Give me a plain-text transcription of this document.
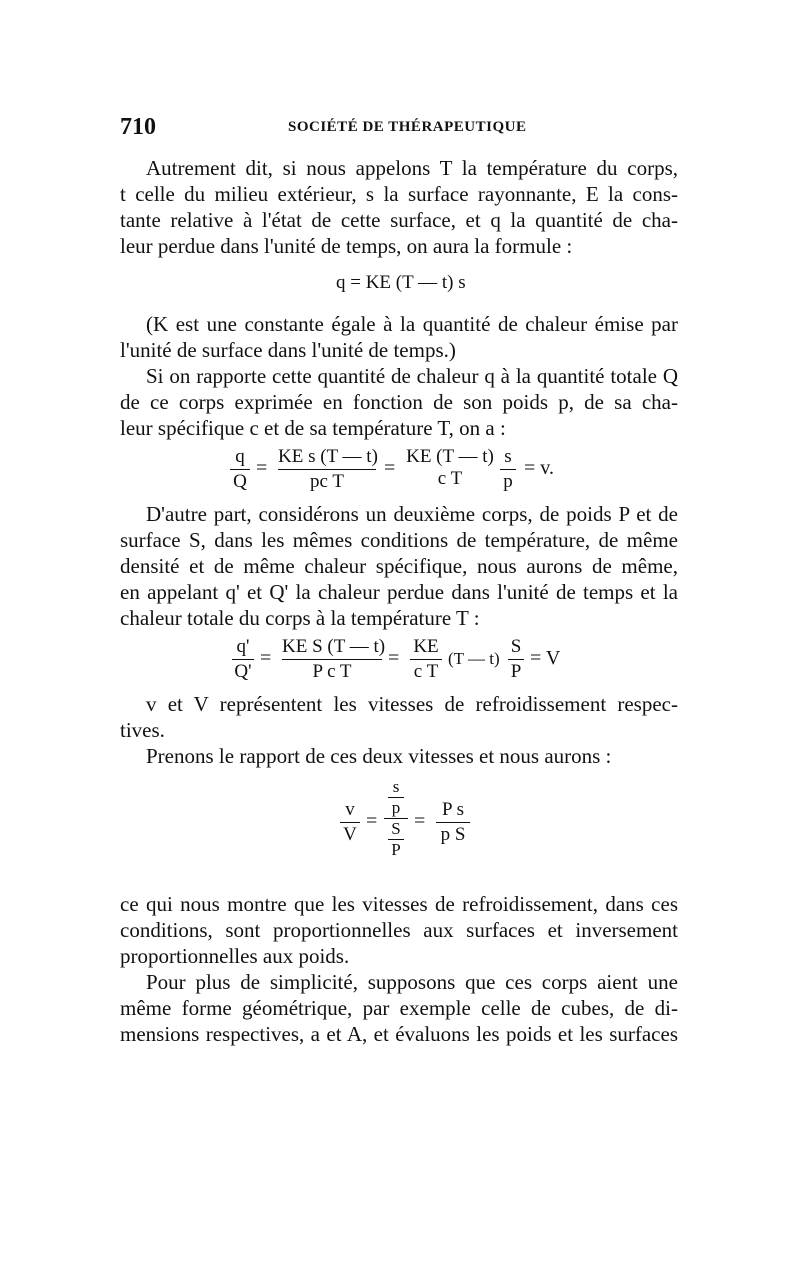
710	SOCIÉTÉ DE THÉRAPEUTIQUE
Autrement dit, si nous appelons T la température du corps,
t celle du milieu extérieur, s la surface rayonnante, E la cons-
tante relative à l'état de cette surface, et q la quantité de cha-
leur perdue dans l'unité de temps, on aura la formule :
q = KE (T — t) s
(K est une constante égale à la quantité de chaleur émise par
l'unité de surface dans l'unité de temps.)
Si on rapporte cette quantité de chaleur q à la quantité totale Q
de ce corps exprimée en fonction de son poids p, de sa cha-
leur spécifique c et de sa température T, on a :
q
Q
=
KE s (T — t)
pc T
=
KE (T — t)
c T
s
p
= v.
D'autre part, considérons un deuxième corps, de poids P et de
surface S, dans les mêmes conditions de température, de même
densité et de même chaleur spécifique, nous aurons de même,
en appelant q' et Q' la chaleur perdue dans l'unité de temps et la
chaleur totale du corps à la température T :
q'
Q'
=
KE S (T — t)
P c T
=
KE
c T
(T — t)
S
P
= V
v et V représentent les vitesses de refroidissement respec-
tives.
Prenons le rapport de ces deux vitesses et nous aurons :
v
V
=
s
p
S
P
=
P s
p S
ce qui nous montre que les vitesses de refroidissement, dans ces
conditions, sont proportionnelles aux surfaces et inversement
proportionnelles aux poids.
Pour plus de simplicité, supposons que ces corps aient une
même forme géométrique, par exemple celle de cubes, de di-
mensions respectives, a et A, et évaluons les poids et les surfaces
